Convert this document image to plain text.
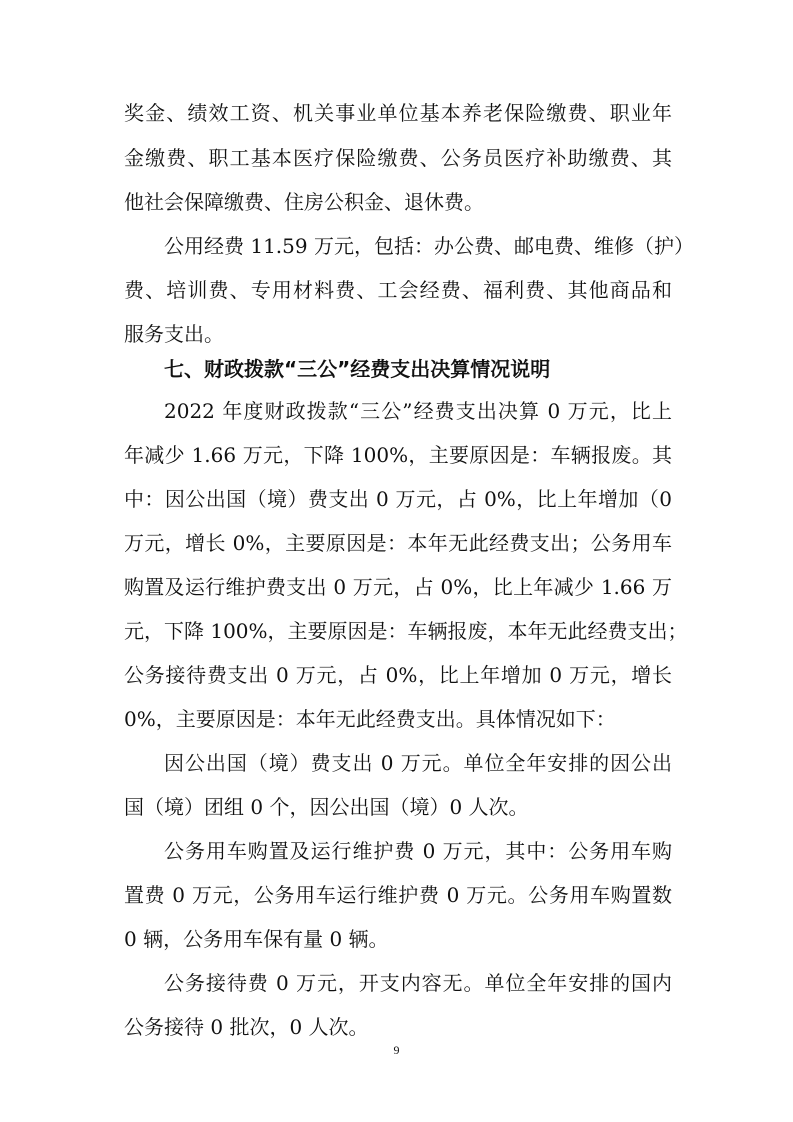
奖金、绩效工资、机关事业单位基本养老保险缴费、职业年
金缴费、职工基本医疗保险缴费、公务员医疗补助缴费、其
他社会保障缴费、住房公积金、退休费。
公用经费 11.59 万元，包括：办公费、邮电费、维修（护）
费、培训费、专用材料费、工会经费、福利费、其他商品和
服务支出。
七、财政拨款“三公”经费支出决算情况说明
2022 年度财政拨款“三公”经费支出决算 0 万元，比上
年减少 1.66 万元，下降 100%，主要原因是：车辆报废。其
中：因公出国（境）费支出 0 万元，占 0%，比上年增加（0
万元，增长 0%，主要原因是：本年无此经费支出；公务用车
购置及运行维护费支出 0 万元，占 0%，比上年减少 1.66 万
元，下降 100%，主要原因是：车辆报废，本年无此经费支出；
公务接待费支出 0 万元，占 0%，比上年增加 0 万元，增长
0%，主要原因是：本年无此经费支出。具体情况如下：
因公出国（境）费支出 0 万元。单位全年安排的因公出
国（境）团组 0 个，因公出国（境）0 人次。
公务用车购置及运行维护费 0 万元，其中：公务用车购
置费 0 万元，公务用车运行维护费 0 万元。公务用车购置数
0 辆，公务用车保有量 0 辆。
公务接待费 0 万元，开支内容无。单位全年安排的国内
公务接待 0 批次，0 人次。
9
